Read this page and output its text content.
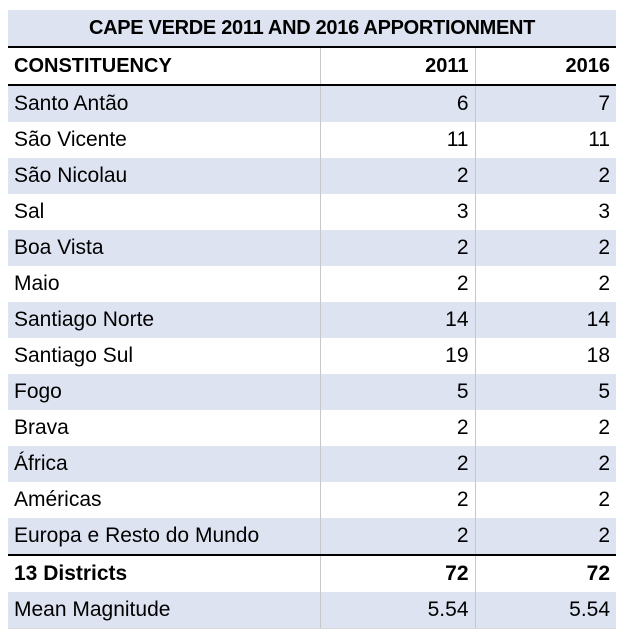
CAPE VERDE 2011 AND 2016 APPORTIONMENT		
CONSTITUENCY	2011	2016
Santo Antão	6	7
São Vicente	11	11
São Nicolau	2	2
Sal	3	3
Boa Vista	2	2
Maio	2	2
Santiago Norte	14	14
Santiago Sul	19	18
Fogo	5	5
Brava	2	2
África	2	2
Américas	2	2
Europa e Resto do Mundo	2	2
13 Districts	72	72
Mean Magnitude	5.54	5.54
